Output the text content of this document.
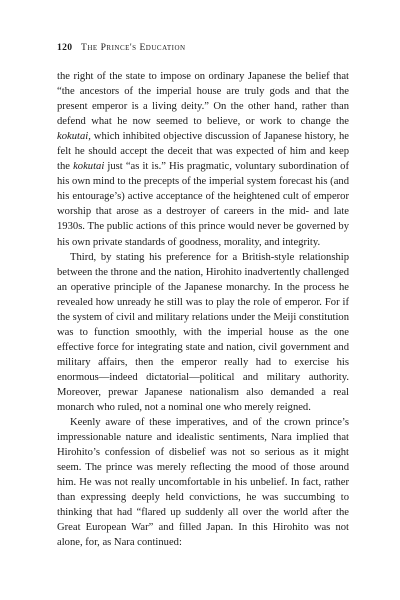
120 The Prince's Education

the right of the state to impose on ordinary Japanese the belief that “the ancestors of the imperial house are truly gods and that the present emperor is a living deity.” On the other hand, rather than defend what he now seemed to believe, or work to change the kokutai, which inhibited objective discussion of Japanese history, he felt he should accept the deceit that was expected of him and keep the kokutai just “as it is.” His pragmatic, voluntary subordination of his own mind to the precepts of the imperial system forecast his (and his entourage’s) active acceptance of the heightened cult of emperor worship that arose as a destroyer of careers in the mid- and late 1930s. The public actions of this prince would never be governed by his own private standards of goodness, morality, and integrity.

Third, by stating his preference for a British-style relationship between the throne and the nation, Hirohito inadvertently challenged an operative principle of the Japanese monarchy. In the process he revealed how unready he still was to play the role of emperor. For if the system of civil and military relations under the Meiji constitution was to function smoothly, with the imperial house as the one effective force for integrating state and nation, civil government and military affairs, then the emperor really had to exercise his enormous—indeed dictatorial—political and military authority. Moreover, prewar Japanese nationalism also demanded a real monarch who ruled, not a nominal one who merely reigned.

Keenly aware of these imperatives, and of the crown prince’s impressionable nature and idealistic sentiments, Nara implied that Hirohito’s confession of disbelief was not so serious as it might seem. The prince was merely reflecting the mood of those around him. He was not really uncomfortable in his unbelief. In fact, rather than expressing deeply held convictions, he was succumbing to thinking that had “flared up suddenly all over the world after the Great European War” and filled Japan. In this Hirohito was not alone, for, as Nara continued:
